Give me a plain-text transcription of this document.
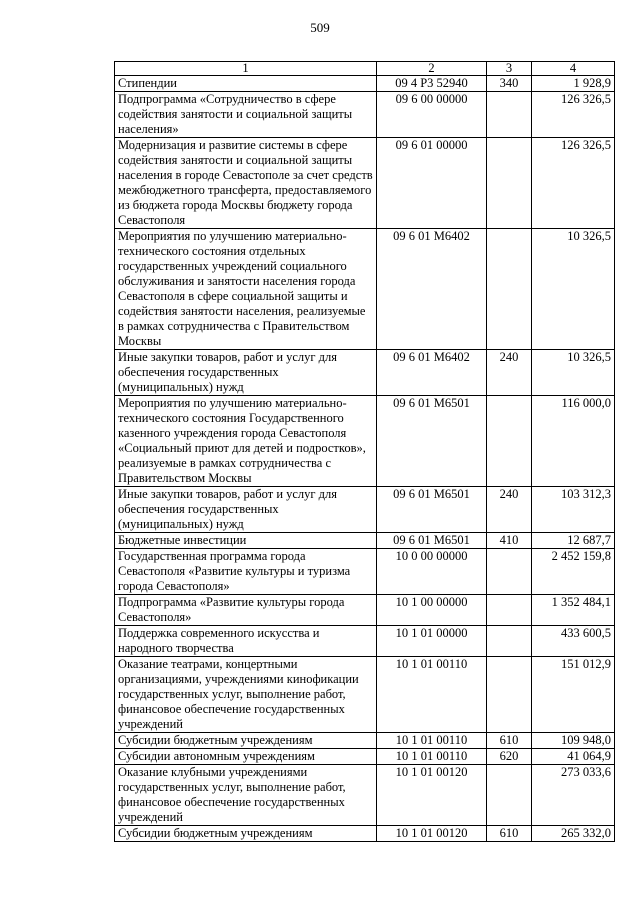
509
1	2	3	4
Стипендии	09 4 Р3 52940	340	1 928,9
Подпрограмма «Сотрудничество в сфере содействия занятости и социальной защиты населения»	09 6 00 00000		126 326,5
Модернизация и развитие системы в сфере содействия занятости и социальной защиты населения в городе Севастополе за счет средств межбюджетного трансферта, предоставляемого из бюджета города Москвы бюджету города Севастополя	09 6 01 00000		126 326,5
Мероприятия по улучшению материально-технического состояния отдельных государственных учреждений социального обслуживания и занятости населения города Севастополя в сфере социальной защиты и содействия занятости населения, реализуемые в рамках сотрудничества с Правительством Москвы	09 6 01 М6402		10 326,5
Иные закупки товаров, работ и услуг для обеспечения государственных (муниципальных) нужд	09 6 01 М6402	240	10 326,5
Мероприятия по улучшению материально-технического состояния Государственного казенного учреждения города Севастополя «Социальный приют для детей и подростков», реализуемые в рамках сотрудничества с Правительством Москвы	09 6 01 М6501		116 000,0
Иные закупки товаров, работ и услуг для обеспечения государственных (муниципальных) нужд	09 6 01 М6501	240	103 312,3
Бюджетные инвестиции	09 6 01 М6501	410	12 687,7
Государственная программа города Севастополя «Развитие культуры и туризма города Севастополя»	10 0 00 00000		2 452 159,8
Подпрограмма «Развитие культуры города Севастополя»	10 1 00 00000		1 352 484,1
Поддержка современного искусства и народного творчества	10 1 01 00000		433 600,5
Оказание театрами, концертными организациями, учреждениями кинофикации государственных услуг, выполнение работ, финансовое обеспечение государственных учреждений	10 1 01 00110		151 012,9
Субсидии бюджетным учреждениям	10 1 01 00110	610	109 948,0
Субсидии автономным учреждениям	10 1 01 00110	620	41 064,9
Оказание клубными учреждениями государственных услуг, выполнение работ, финансовое обеспечение государственных учреждений	10 1 01 00120		273 033,6
Субсидии бюджетным учреждениям	10 1 01 00120	610	265 332,0
